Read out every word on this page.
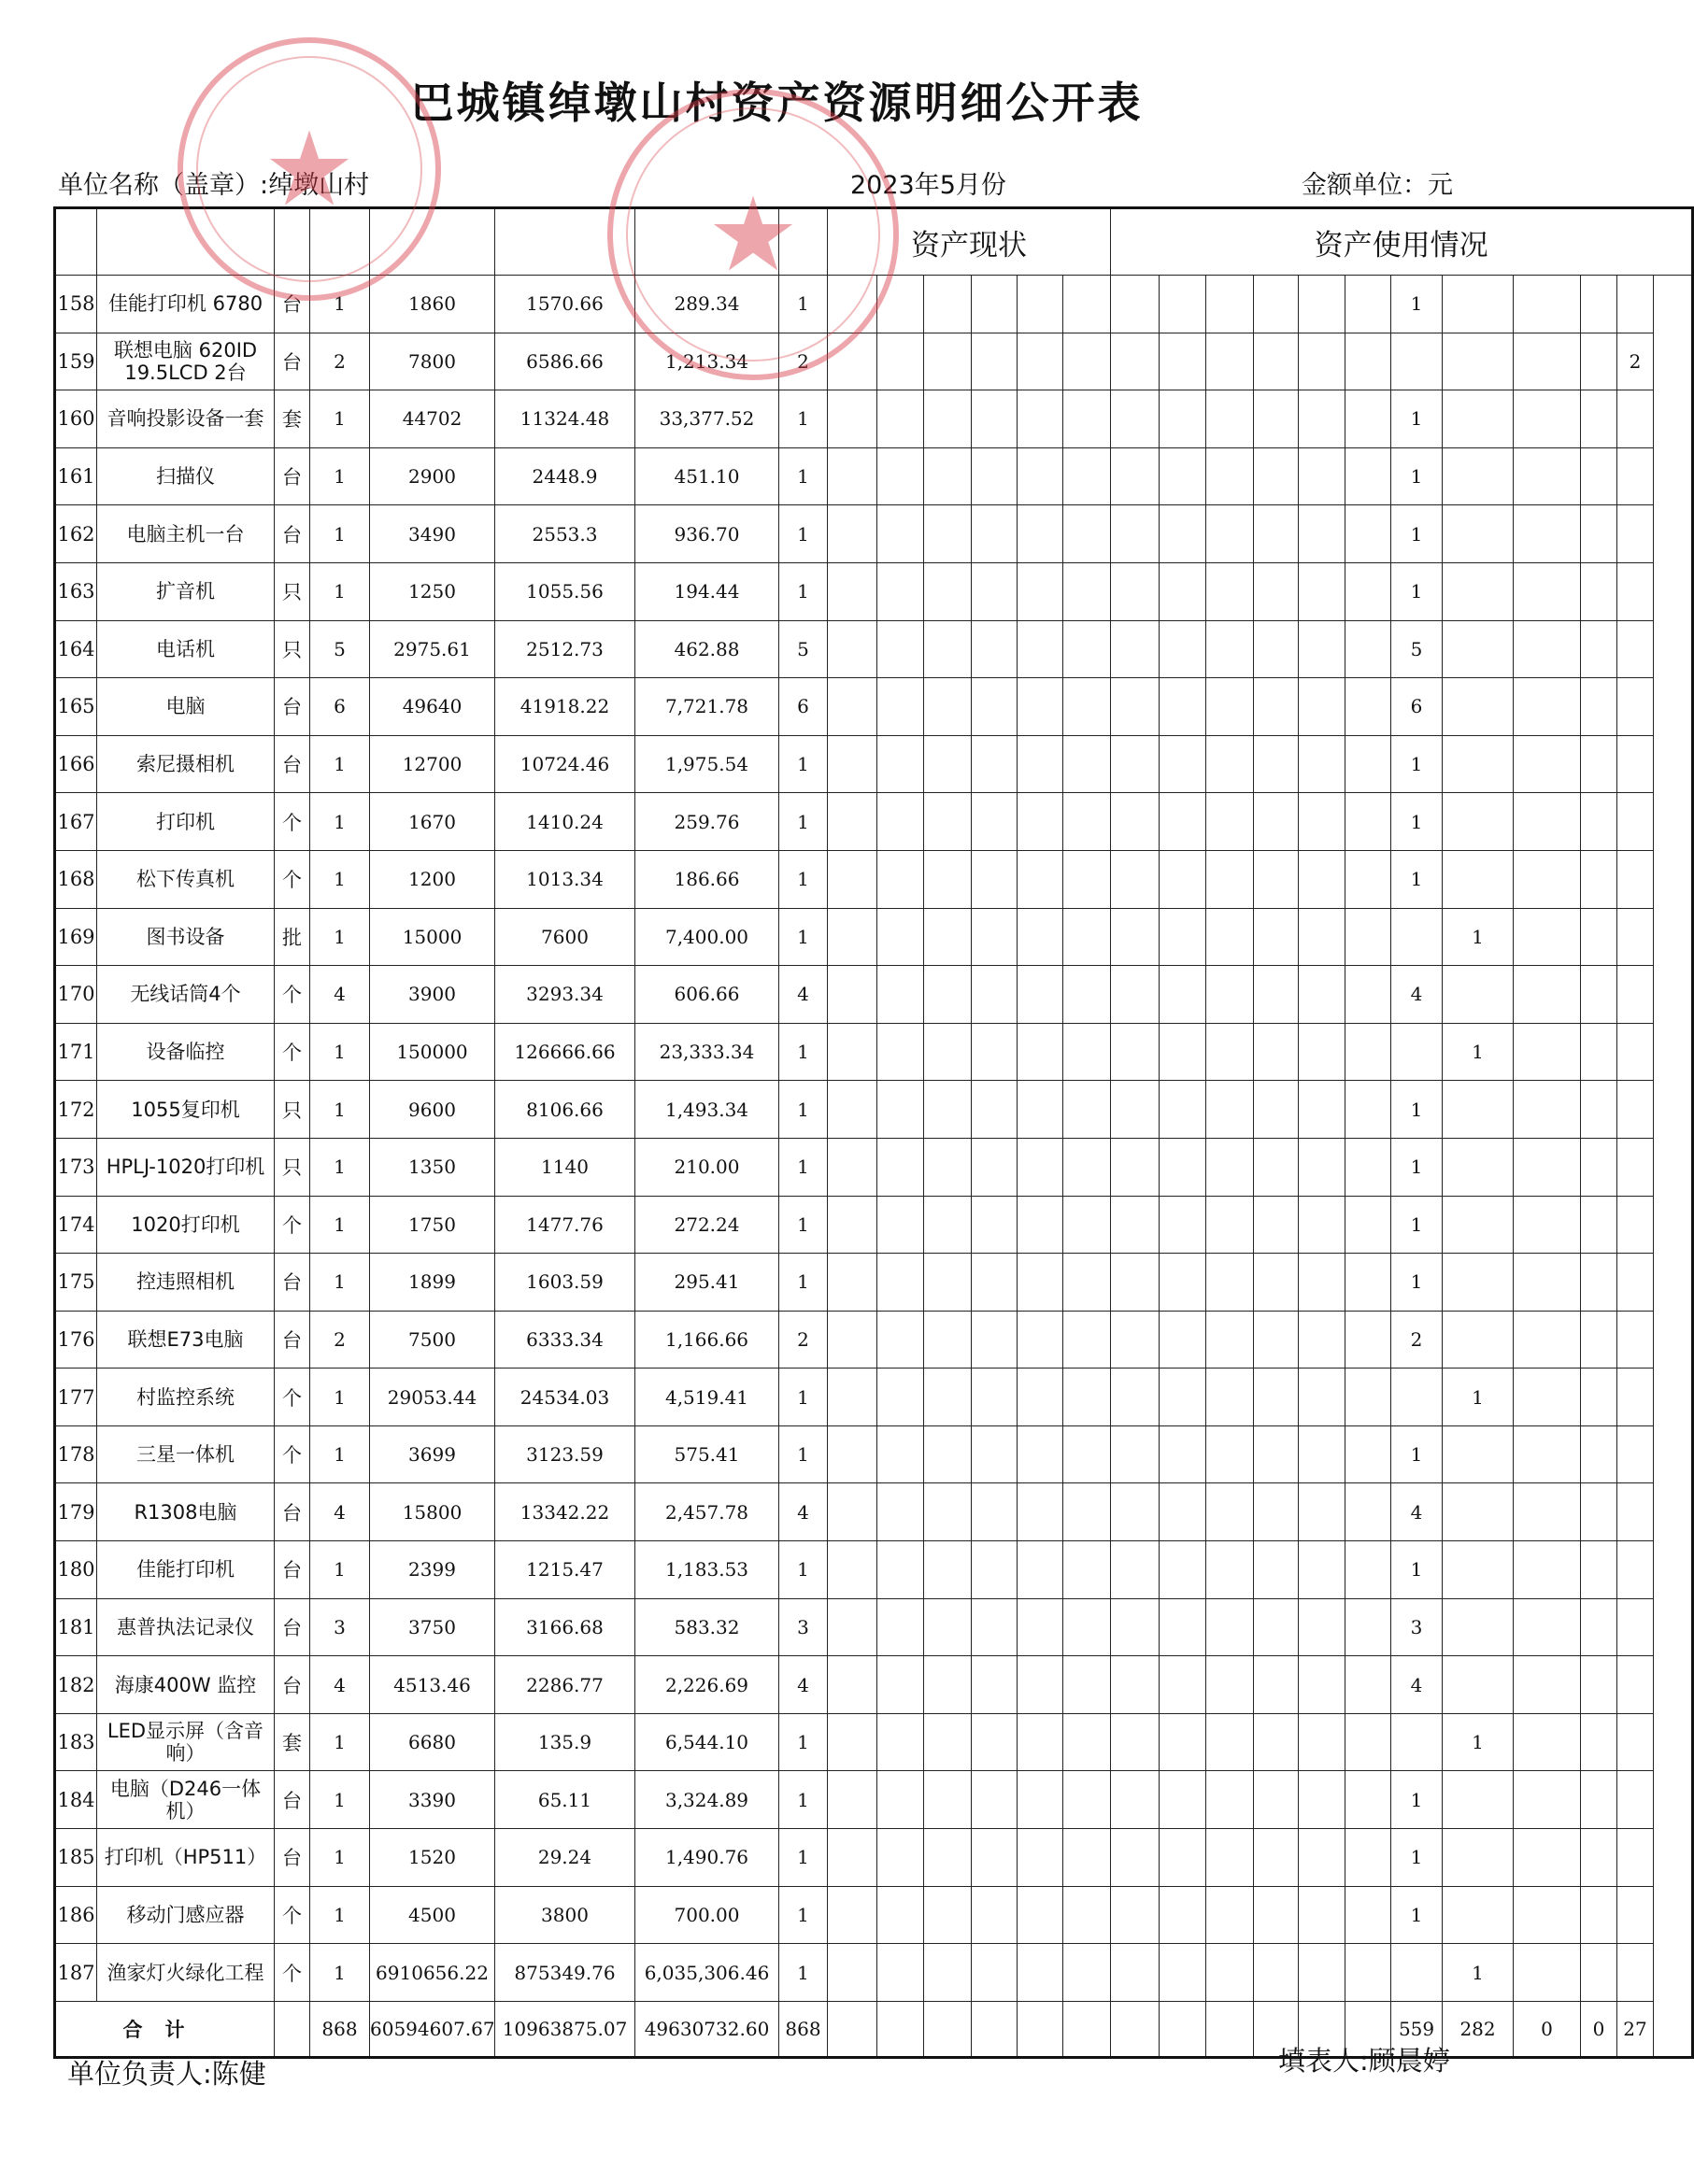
巴城镇绰墩山村资产资源明细公开表
单位名称（盖章）:绰墩山村	2023年5月份	金额单位：元
								资产现状						资产使用情况										
158	佳能打印机 6780	台	1	1860	1570.66	289.34	1													1				
159	联想电脑 620ID 19.5LCD 2台	台	2	7800	6586.66	1,213.34	2																	2
160	音响投影设备一套	套	1	44702	11324.48	33,377.52	1													1				
161	扫描仪	台	1	2900	2448.9	451.10	1													1				
162	电脑主机一台	台	1	3490	2553.3	936.70	1													1				
163	扩音机	只	1	1250	1055.56	194.44	1													1				
164	电话机	只	5	2975.61	2512.73	462.88	5													5				
165	电脑	台	6	49640	41918.22	7,721.78	6													6				
166	索尼摄相机	台	1	12700	10724.46	1,975.54	1													1				
167	打印机	个	1	1670	1410.24	259.76	1													1				
168	松下传真机	个	1	1200	1013.34	186.66	1													1				
169	图书设备	批	1	15000	7600	7,400.00	1														1			
170	无线话筒4个	个	4	3900	3293.34	606.66	4													4				
171	设备临控	个	1	150000	126666.66	23,333.34	1														1			
172	1055复印机	只	1	9600	8106.66	1,493.34	1													1				
173	HPLJ-1020打印机	只	1	1350	1140	210.00	1													1				
174	1020打印机	个	1	1750	1477.76	272.24	1													1				
175	控违照相机	台	1	1899	1603.59	295.41	1													1				
176	联想E73电脑	台	2	7500	6333.34	1,166.66	2													2				
177	村监控系统	个	1	29053.44	24534.03	4,519.41	1														1			
178	三星一体机	个	1	3699	3123.59	575.41	1													1				
179	R1308电脑	台	4	15800	13342.22	2,457.78	4													4				
180	佳能打印机	台	1	2399	1215.47	1,183.53	1													1				
181	惠普执法记录仪	台	3	3750	3166.68	583.32	3													3				
182	海康400W 监控	台	4	4513.46	2286.77	2,226.69	4													4				
183	LED显示屏（含音响）	套	1	6680	135.9	6,544.10	1														1			
184	电脑（D246一体机）	台	1	3390	65.11	3,324.89	1													1				
185	打印机（HP511）	台	1	1520	29.24	1,490.76	1													1				
186	移动门感应器	个	1	4500	3800	700.00	1													1				
187	渔家灯火绿化工程	个	1	6910656.22	875349.76	6,035,306.46	1														1			
合计			868	60594607.67	10963875.07	49630732.60	868													559	282	0	0	27
单位负责人:陈健	填表人:顾晨婷
★
★
